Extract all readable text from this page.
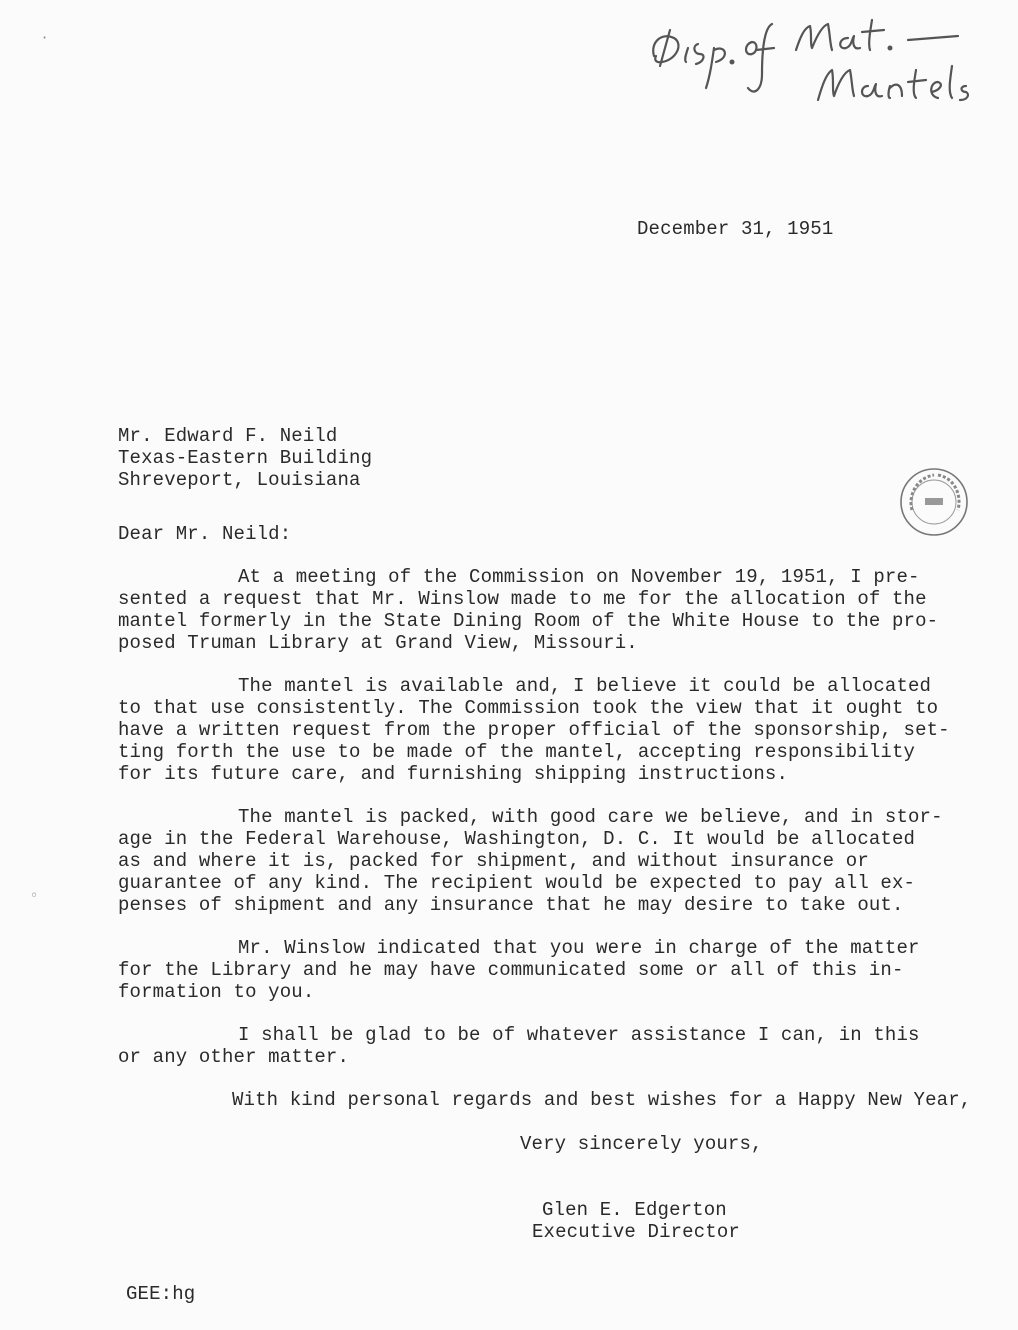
December 31, 1951
Mr. Edward F. Neild
Texas-Eastern Building
Shreveport, Louisiana
Dear Mr. Neild:
At a meeting of the Commission on November 19, 1951, I pre-
sented a request that Mr. Winslow made to me for the allocation of the
mantel formerly in the State Dining Room of the White House to the pro-
posed Truman Library at Grand View, Missouri.
The mantel is available and, I believe it could be allocated
to that use consistently. The Commission took the view that it ought to
have a written request from the proper official of the sponsorship, set-
ting forth the use to be made of the mantel, accepting responsibility
for its future care, and furnishing shipping instructions.
The mantel is packed, with good care we believe, and in stor-
age in the Federal Warehouse, Washington, D. C. It would be allocated
as and where it is, packed for shipment, and without insurance or
guarantee of any kind. The recipient would be expected to pay all ex-
penses of shipment and any insurance that he may desire to take out.
Mr. Winslow indicated that you were in charge of the matter
for the Library and he may have communicated some or all of this in-
formation to you.
I shall be glad to be of whatever assistance I can, in this
or any other matter.
With kind personal regards and best wishes for a Happy New Year,
Very sincerely yours,
Glen E. Edgerton
Executive Director
GEE:hg
·
◦
